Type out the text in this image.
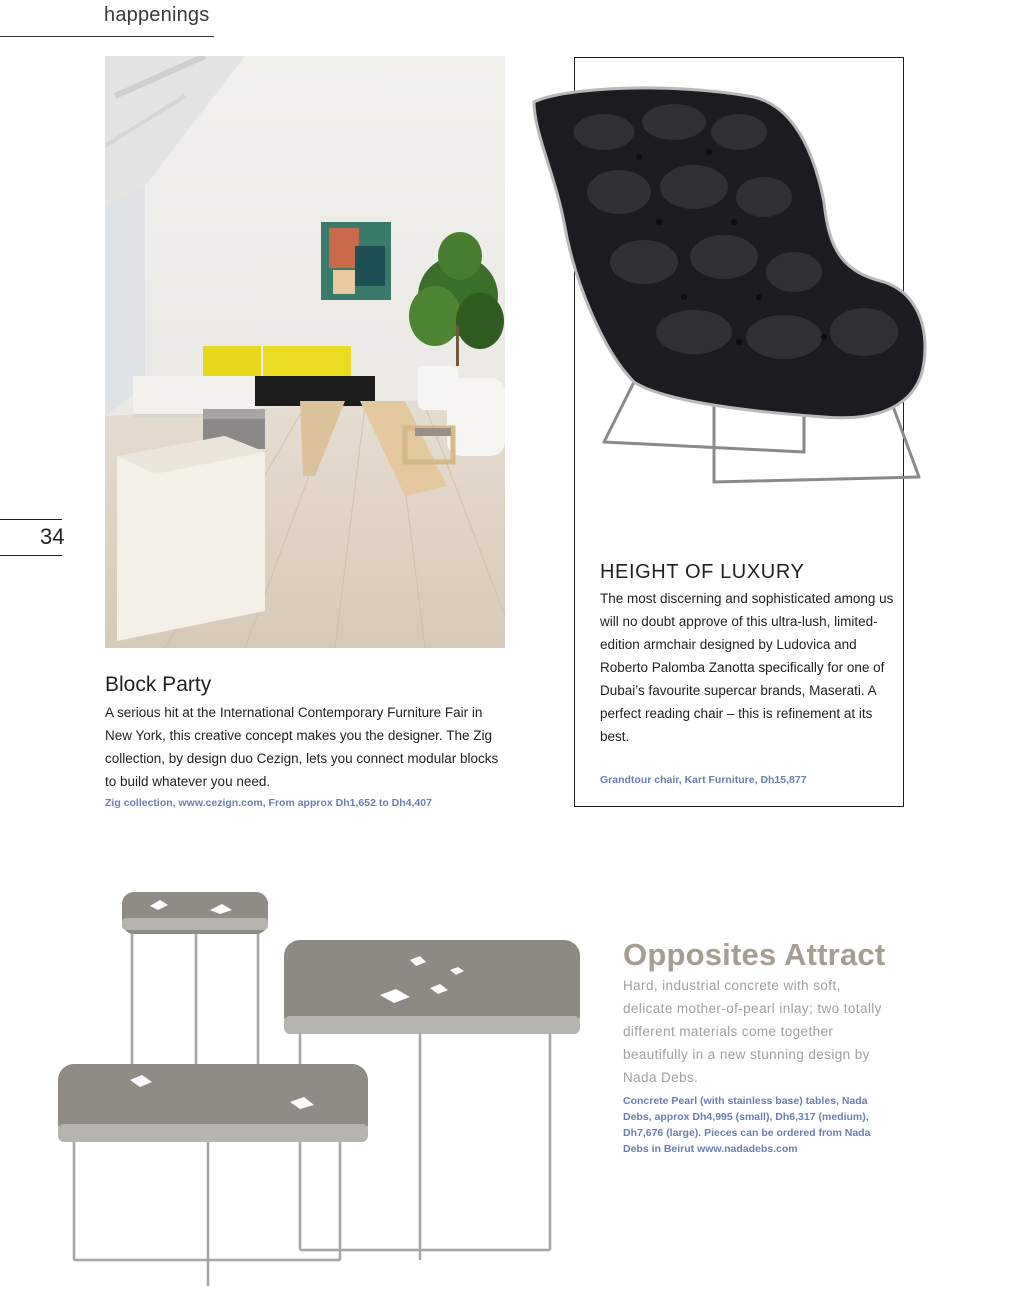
happenings
34
HEIGHT OF LUXURY
The most discerning and sophisticated among us will no doubt approve of this ultra-lush, limited-edition armchair designed by Ludovica and Roberto Palomba Zanotta specifically for one of Dubai’s favourite supercar brands, Maserati. A perfect reading chair – this is refinement at its best.
Grandtour chair, Kart Furniture, Dh15,877
Block Party
A serious hit at the International Contemporary Furniture Fair in New York, this creative concept makes you the designer. The Zig collection, by design duo Cezign, lets you connect modular blocks to build whatever you need.
Zig collection, www.cezign.com, From approx Dh1,652 to Dh4,407
Opposites Attract
Hard, industrial concrete with soft, delicate mother-of-pearl inlay; two totally different materials come together beautifully in a new stunning design by Nada Debs.
Concrete Pearl (with stainless base) tables, Nada Debs, approx Dh4,995 (small), Dh6,317 (medium), Dh7,676 (large). Pieces can be ordered from Nada Debs in Beirut www.nadadebs.com
